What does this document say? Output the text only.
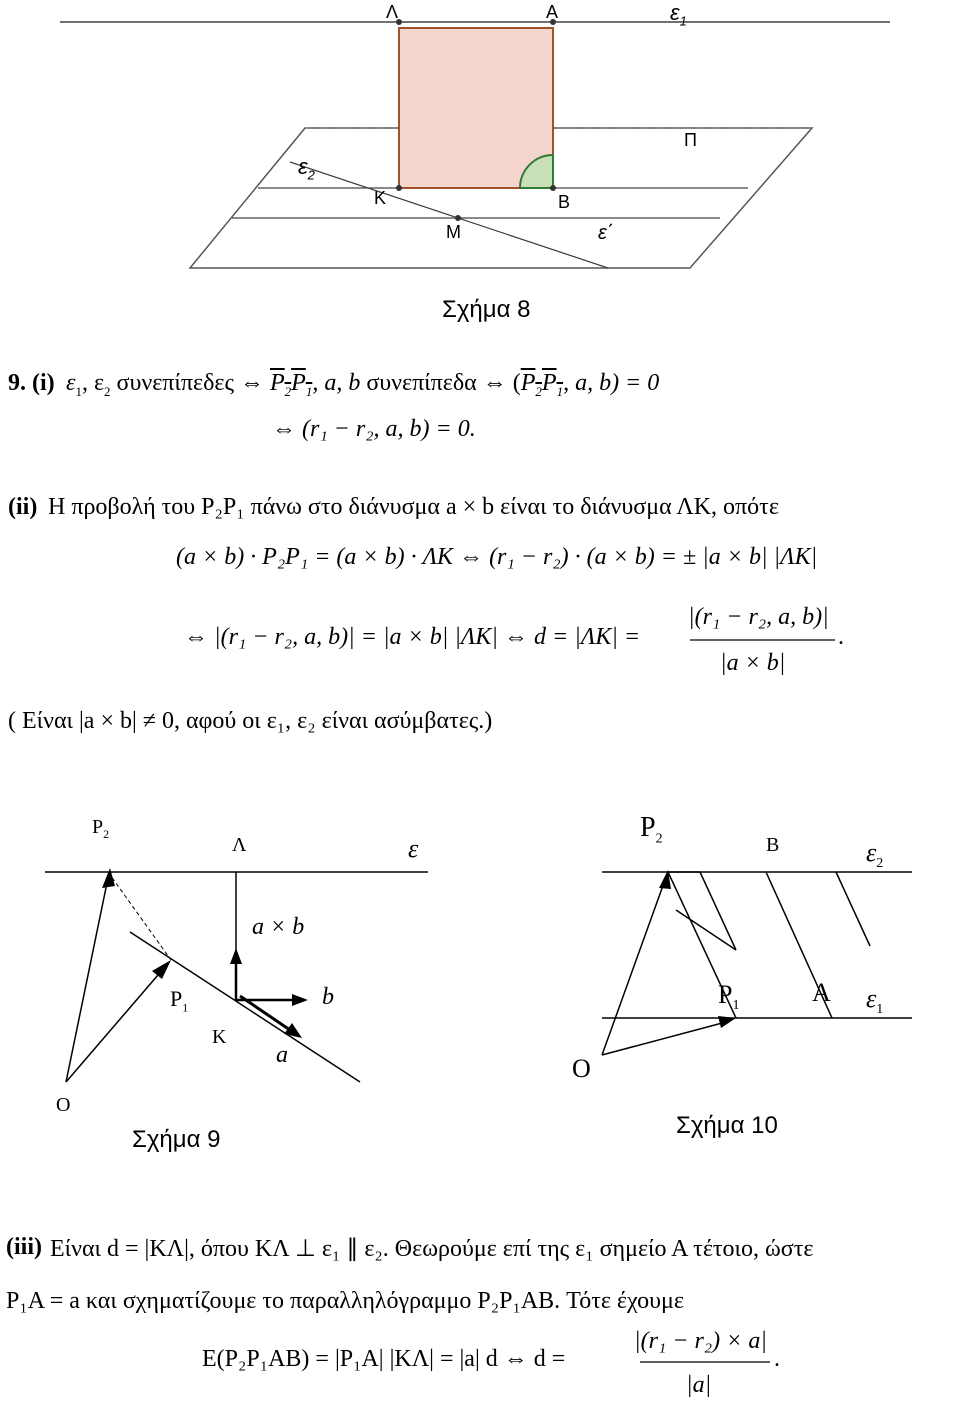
Λ	A	$\varepsilon_1$
Π
$\varepsilon_2$
K	B
M	ε΄
Σχήμα 8
9. (i) $\varepsilon_1$, $\varepsilon_2$ συνεπίπεδες ⇔ $P_2P_1$, a, b συνεπίπεδα ⇔ ($P_2P_1$, a, b) = 0
⇔ (r₁ − r₂, a, b) = 0.
(ii) Η προβολή του P₂P₁ πάνω στο διάνυσμα a × b είναι το διάνυσμα ΛΚ, οπότε
(a × b) · P₂P₁ = (a × b) · ΛΚ ⇔ (r₁ − r₂) · (a × b) = ± |a × b| |ΛΚ|
⇔ |(r₁ − r₂, a, b)| = |a × b| |ΛΚ| ⇔ d = |ΛΚ| =
|(r₁ − r₂, a, b)|
|a × b|
.
( Είναι |a × b| ≠ 0, αφού οι ε₁, ε₂ είναι ασύμβατες.)
$P_2$	Λ	ε
a × b
$P_1$	b
K
a
O
Σχήμα 9
$P_2$	B	$\varepsilon_2$
$P_1$	A $\varepsilon_1$
O
Σχήμα 10
(iii) Είναι d = |ΚΛ|, όπου ΚΛ ⊥ ε₁ ∥ ε₂. Θεωρούμε επί της ε₁ σημείο Α τέτοιο, ώστε
P₁A = a και σχηματίζουμε το παραλληλόγραμμο P₂P₁AB. Τότε έχουμε
E(P₂P₁AB) = |P₁A| |ΚΛ| = |a| d ⇔ d =
|(r₁ − r₂) × a|
|a|
.
